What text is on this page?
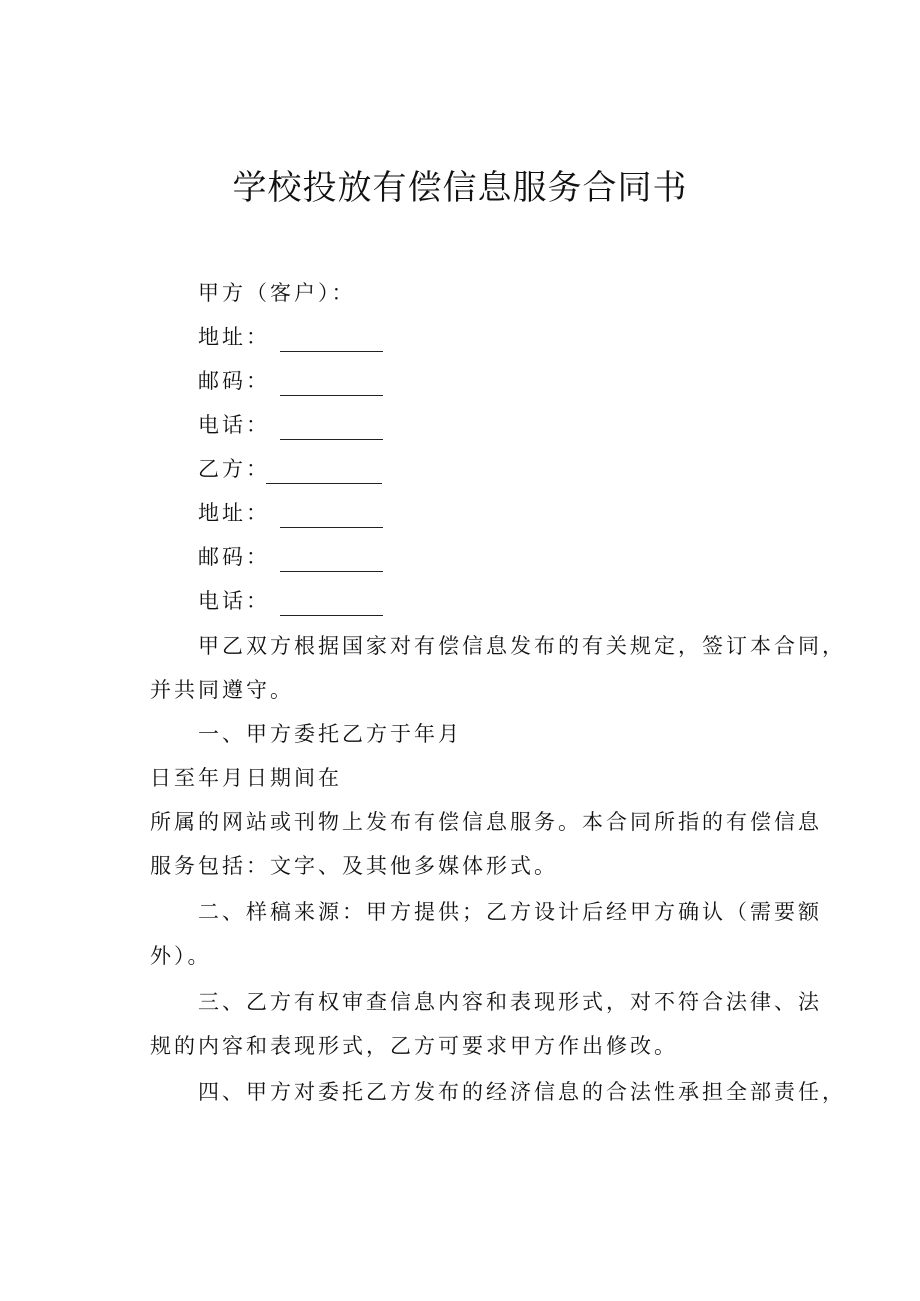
学校投放有偿信息服务合同书
甲方（客户）：
地址：
邮码：
电话：
乙方：
地址：
邮码：
电话：
甲乙双方根据国家对有偿信息发布的有关规定，签订本合同，
并共同遵守。
一、甲方委托乙方于年月
日至年月日期间在
所属的网站或刊物上发布有偿信息服务。本合同所指的有偿信息
服务包括：文字、及其他多媒体形式。
二、样稿来源：甲方提供；乙方设计后经甲方确认（需要额
外）。
三、乙方有权审查信息内容和表现形式，对不符合法律、法
规的内容和表现形式，乙方可要求甲方作出修改。
四、甲方对委托乙方发布的经济信息的合法性承担全部责任，
